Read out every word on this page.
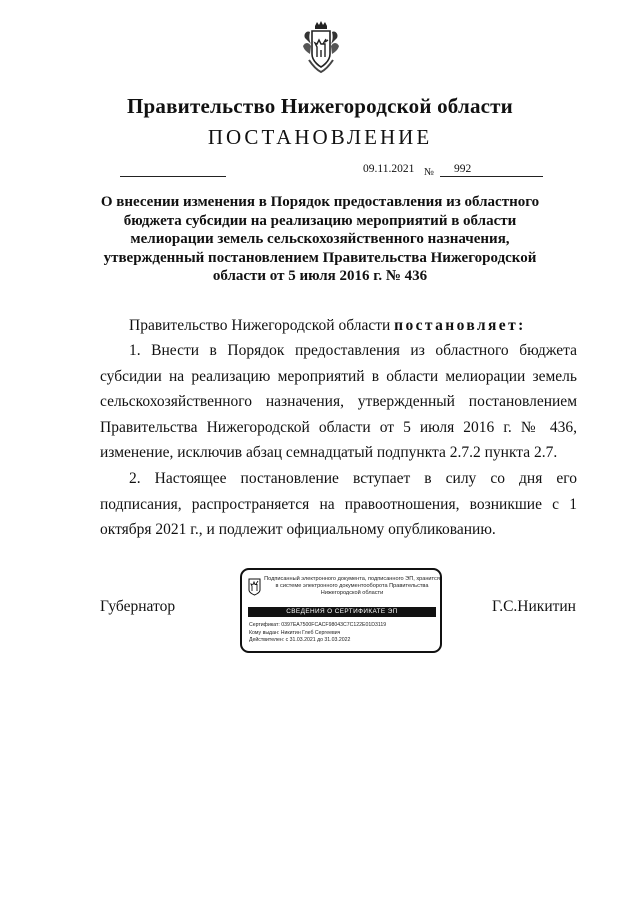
Правительство Нижегородской области
ПОСТАНОВЛЕНИЕ
09.11.2021 №	992
О внесении изменения в Порядок предоставления из областного бюджета субсидии на реализацию мероприятий в области мелиорации земель сельскохозяйственного назначения, утвержденный постановлением Правительства Нижегородской области от 5 июля 2016 г. № 436

Правительство Нижегородской области постановляет:

1. Внести в Порядок предоставления из областного бюджета субсидии на реализацию мероприятий в области мелиорации земель сельскохозяйственного назначения, утвержденный постановлением Правительства Нижегородской области от 5 июля 2016 г. № 436, изменение, исключив абзац семнадцатый подпункта 2.7.2 пункта 2.7.

2. Настоящее постановление вступает в силу со дня его подписания, распространяется на правоотношения, возникшие с 1 октября 2021 г., и подлежит официальному опубликованию.

Губернатор	Г.С.Никитин
Подписанный электронного документа, подписанного ЭП, хранится в системе электронного документооборота Правительства Нижегородской области
СВЕДЕНИЯ О СЕРТИФИКАТЕ ЭП
Сертификат: 0397EA7500FCACF98043C7C122E01D3119
Кому выдан: Никитин Глеб Сергеевич
Действителен: с 31.03.2021 до 31.03.2022
